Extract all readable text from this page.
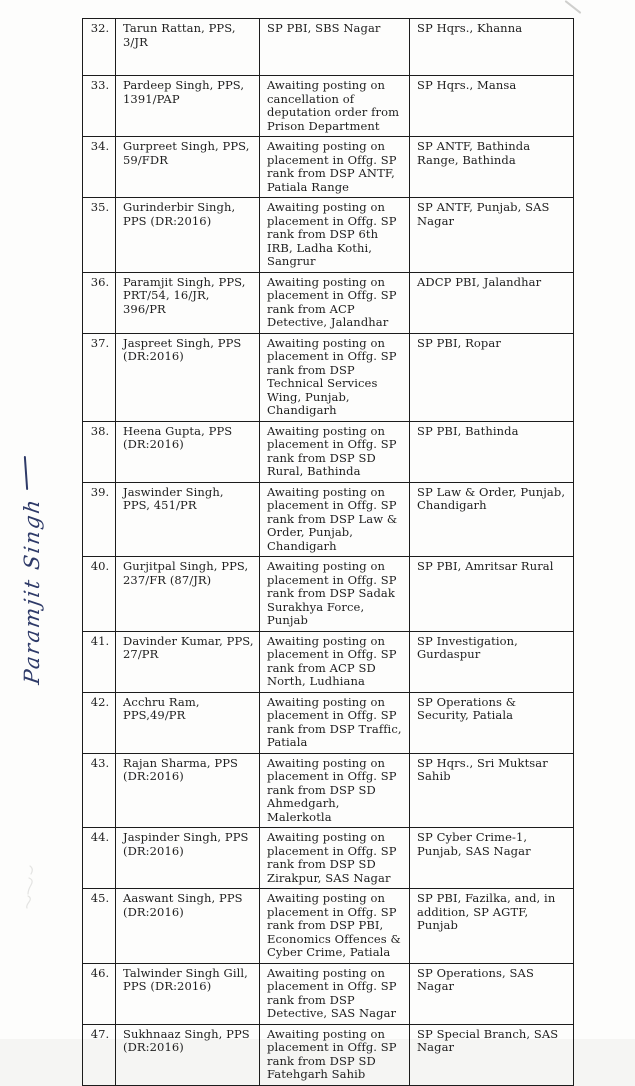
Paramjit Singh
32.	Tarun Rattan, PPS, 3/JR	SP PBI, SBS Nagar	SP Hqrs., Khanna
33.	Pardeep Singh, PPS, 1391/PAP	Awaiting posting on cancellation of deputation order from Prison Department	SP Hqrs., Mansa
34.	Gurpreet Singh, PPS, 59/FDR	Awaiting posting on placement in Offg. SP rank from DSP ANTF, Patiala Range	SP ANTF, Bathinda Range, Bathinda
35.	Gurinderbir Singh, PPS (DR:2016)	Awaiting posting on placement in Offg. SP rank from DSP 6th IRB, Ladha Kothi, Sangrur	SP ANTF, Punjab, SAS Nagar
36.	Paramjit Singh, PPS, PRT/54, 16/JR, 396/PR	Awaiting posting on placement in Offg. SP rank from ACP Detective, Jalandhar	ADCP PBI, Jalandhar
37.	Jaspreet Singh, PPS (DR:2016)	Awaiting posting on placement in Offg. SP rank from DSP Technical Services Wing, Punjab, Chandigarh	SP PBI, Ropar
38.	Heena Gupta, PPS (DR:2016)	Awaiting posting on placement in Offg. SP rank from DSP SD Rural, Bathinda	SP PBI, Bathinda
39.	Jaswinder Singh, PPS, 451/PR	Awaiting posting on placement in Offg. SP rank from DSP Law & Order, Punjab, Chandigarh	SP Law & Order, Punjab, Chandigarh
40.	Gurjitpal Singh, PPS, 237/FR (87/JR)	Awaiting posting on placement in Offg. SP rank from DSP Sadak Surakhya Force, Punjab	SP PBI, Amritsar Rural
41.	Davinder Kumar, PPS, 27/PR	Awaiting posting on placement in Offg. SP rank from ACP SD North, Ludhiana	SP Investigation, Gurdaspur
42.	Acchru Ram, PPS,49/PR	Awaiting posting on placement in Offg. SP rank from DSP Traffic, Patiala	SP Operations & Security, Patiala
43.	Rajan Sharma, PPS (DR:2016)	Awaiting posting on placement in Offg. SP rank from DSP SD Ahmedgarh, Malerkotla	SP Hqrs., Sri Muktsar Sahib
44.	Jaspinder Singh, PPS (DR:2016)	Awaiting posting on placement in Offg. SP rank from DSP SD Zirakpur, SAS Nagar	SP Cyber Crime-1, Punjab, SAS Nagar
45.	Aaswant Singh, PPS (DR:2016)	Awaiting posting on placement in Offg. SP rank from DSP PBI, Economics Offences & Cyber Crime, Patiala	SP PBI, Fazilka, and, in addition, SP AGTF, Punjab
46.	Talwinder Singh Gill, PPS (DR:2016)	Awaiting posting on placement in Offg. SP rank from DSP Detective, SAS Nagar	SP Operations, SAS Nagar
47.	Sukhnaaz Singh, PPS (DR:2016)	Awaiting posting on placement in Offg. SP rank from DSP SD Fatehgarh Sahib	SP Special Branch, SAS Nagar
